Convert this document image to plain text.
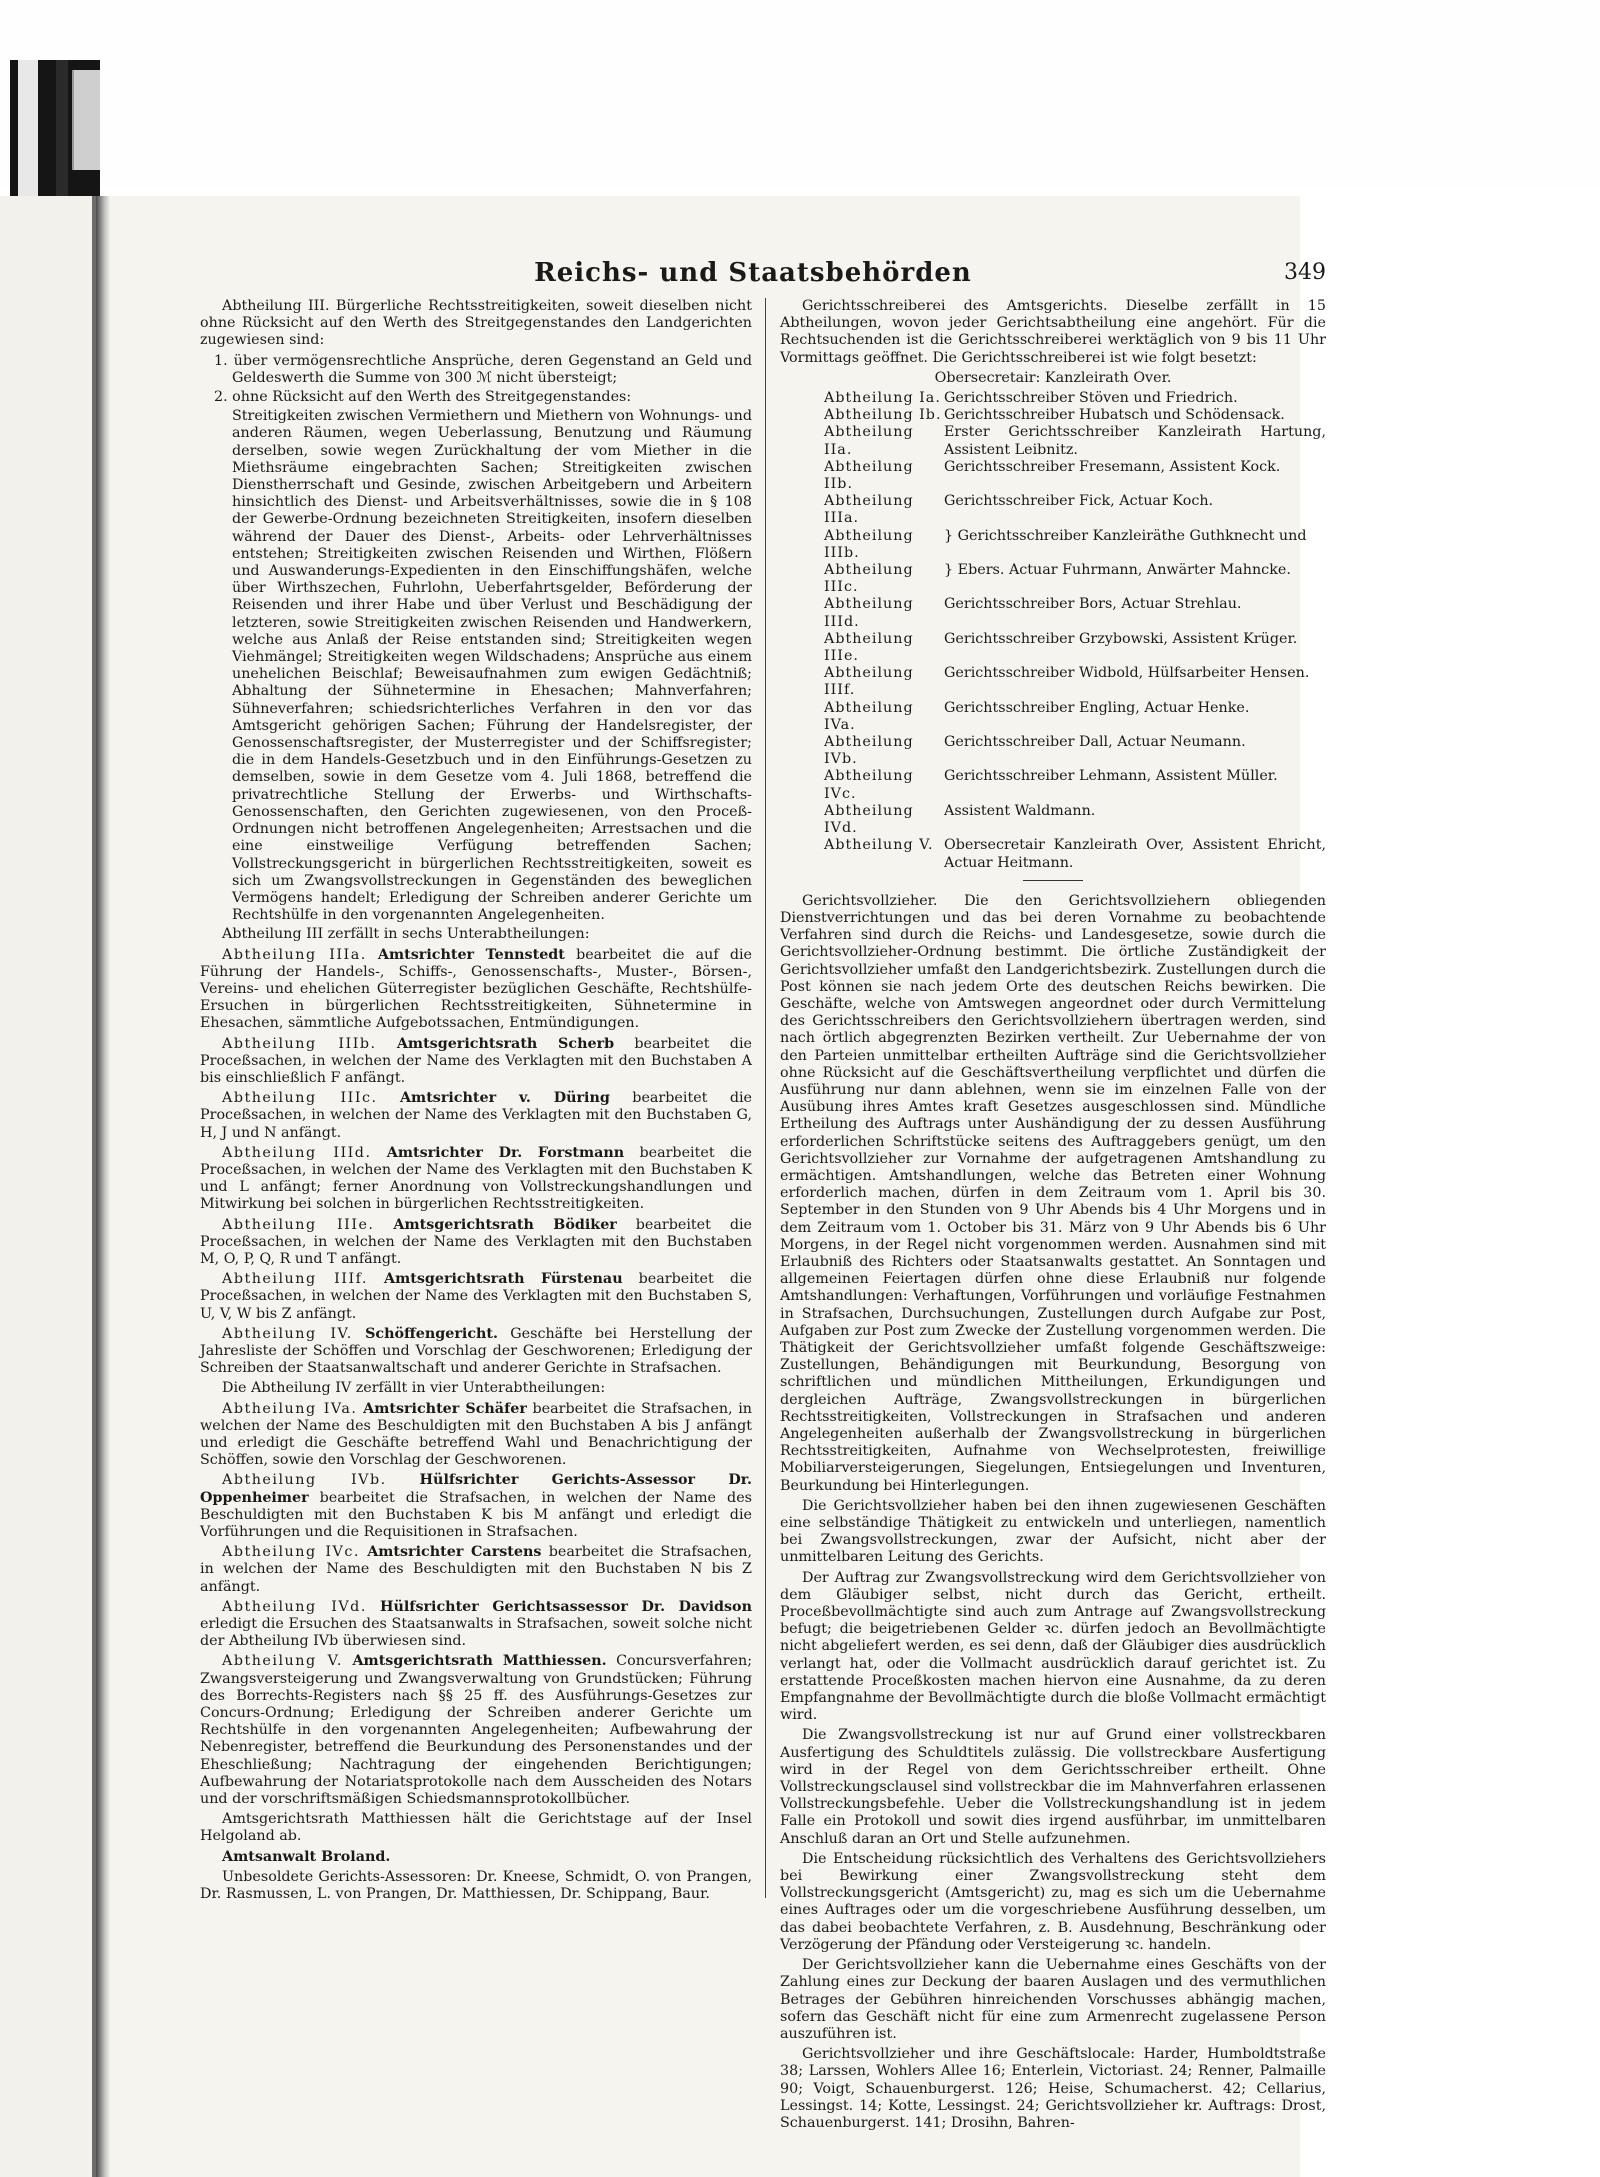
Reichs- und Staatsbehörden	349

Abtheilung III. Bürgerliche Rechtsstreitigkeiten, soweit dieselben nicht ohne Rücksicht auf den Werth des Streitgegenstandes den Landgerichten zugewiesen sind:

1. über vermögensrechtliche Ansprüche, deren Gegenstand an Geld und Geldeswerth die Summe von 300 ℳ nicht übersteigt;

2. ohne Rücksicht auf den Werth des Streitgegenstandes:

Streitigkeiten zwischen Vermiethern und Miethern von Wohnungs- und anderen Räumen, wegen Ueberlassung, Benutzung und Räumung derselben, sowie wegen Zurückhaltung der vom Miether in die Miethsräume eingebrachten Sachen; Streitigkeiten zwischen Dienstherrschaft und Gesinde, zwischen Arbeitgebern und Arbeitern hinsichtlich des Dienst- und Arbeitsverhältnisses, sowie die in § 108 der Gewerbe-Ordnung bezeichneten Streitigkeiten, insofern dieselben während der Dauer des Dienst-, Arbeits- oder Lehrverhältnisses entstehen; Streitigkeiten zwischen Reisenden und Wirthen, Flößern und Auswanderungs-Expedienten in den Einschiffungshäfen, welche über Wirthszechen, Fuhrlohn, Ueberfahrtsgelder, Beförderung der Reisenden und ihrer Habe und über Verlust und Beschädigung der letzteren, sowie Streitigkeiten zwischen Reisenden und Handwerkern, welche aus Anlaß der Reise entstanden sind; Streitigkeiten wegen Viehmängel; Streitigkeiten wegen Wildschadens; Ansprüche aus einem unehelichen Beischlaf; Beweisaufnahmen zum ewigen Gedächtniß; Abhaltung der Sühnetermine in Ehesachen; Mahnverfahren; Sühneverfahren; schiedsrichterliches Verfahren in den vor das Amtsgericht gehörigen Sachen; Führung der Handelsregister, der Genossenschaftsregister, der Musterregister und der Schiffsregister; die in dem Handels-Gesetzbuch und in den Einführungs-Gesetzen zu demselben, sowie in dem Gesetze vom 4. Juli 1868, betreffend die privatrechtliche Stellung der Erwerbs- und Wirthschafts-Genossenschaften, den Gerichten zugewiesenen, von den Proceß-Ordnungen nicht betroffenen Angelegenheiten; Arrestsachen und die eine einstweilige Verfügung betreffenden Sachen; Vollstreckungsgericht in bürgerlichen Rechtsstreitigkeiten, soweit es sich um Zwangsvollstreckungen in Gegenständen des beweglichen Vermögens handelt; Erledigung der Schreiben anderer Gerichte um Rechtshülfe in den vorgenannten Angelegenheiten.

Abtheilung III zerfällt in sechs Unterabtheilungen:

Abtheilung IIIa. Amtsrichter Tennstedt bearbeitet die auf die Führung der Handels-, Schiffs-, Genossenschafts-, Muster-, Börsen-, Vereins- und ehelichen Güterregister bezüglichen Geschäfte, Rechtshülfe-Ersuchen in bürgerlichen Rechtsstreitigkeiten, Sühnetermine in Ehesachen, sämmtliche Aufgebotssachen, Entmündigungen.

Abtheilung IIIb. Amtsgerichtsrath Scherb bearbeitet die Proceßsachen, in welchen der Name des Verklagten mit den Buchstaben A bis einschließlich F anfängt.

Abtheilung IIIc. Amtsrichter v. Düring bearbeitet die Proceßsachen, in welchen der Name des Verklagten mit den Buchstaben G, H, J und N anfängt.

Abtheilung IIId. Amtsrichter Dr. Forstmann bearbeitet die Proceßsachen, in welchen der Name des Verklagten mit den Buchstaben K und L anfängt; ferner Anordnung von Vollstreckungshandlungen und Mitwirkung bei solchen in bürgerlichen Rechtsstreitigkeiten.

Abtheilung IIIe. Amtsgerichtsrath Bödiker bearbeitet die Proceßsachen, in welchen der Name des Verklagten mit den Buchstaben M, O, P, Q, R und T anfängt.

Abtheilung IIIf. Amtsgerichtsrath Fürstenau bearbeitet die Proceßsachen, in welchen der Name des Verklagten mit den Buchstaben S, U, V, W bis Z anfängt.

Abtheilung IV. Schöffengericht. Geschäfte bei Herstellung der Jahresliste der Schöffen und Vorschlag der Geschworenen; Erledigung der Schreiben der Staatsanwaltschaft und anderer Gerichte in Strafsachen.

Die Abtheilung IV zerfällt in vier Unterabtheilungen:

Abtheilung IVa. Amtsrichter Schäfer bearbeitet die Strafsachen, in welchen der Name des Beschuldigten mit den Buchstaben A bis J anfängt und erledigt die Geschäfte betreffend Wahl und Benachrichtigung der Schöffen, sowie den Vorschlag der Geschworenen.

Abtheilung IVb. Hülfsrichter Gerichts-Assessor Dr. Oppenheimer bearbeitet die Strafsachen, in welchen der Name des Beschuldigten mit den Buchstaben K bis M anfängt und erledigt die Vorführungen und die Requisitionen in Strafsachen.

Abtheilung IVc. Amtsrichter Carstens bearbeitet die Strafsachen, in welchen der Name des Beschuldigten mit den Buchstaben N bis Z anfängt.

Abtheilung IVd. Hülfsrichter Gerichtsassessor Dr. Davidson erledigt die Ersuchen des Staatsanwalts in Strafsachen, soweit solche nicht der Abtheilung IVb überwiesen sind.

Abtheilung V. Amtsgerichtsrath Matthiessen. Concursverfahren; Zwangsversteigerung und Zwangsverwaltung von Grundstücken; Führung des Borrechts-Registers nach §§ 25 ff. des Ausführungs-Gesetzes zur Concurs-Ordnung; Erledigung der Schreiben anderer Gerichte um Rechtshülfe in den vorgenannten Angelegenheiten; Aufbewahrung der Nebenregister, betreffend die Beurkundung des Personenstandes und der Eheschließung; Nachtragung der eingehenden Berichtigungen; Aufbewahrung der Notariatsprotokolle nach dem Ausscheiden des Notars und der vorschriftsmäßigen Schiedsmannsprotokollbücher.

Amtsgerichtsrath Matthiessen hält die Gerichtstage auf der Insel Helgoland ab.

Amtsanwalt Broland.

Unbesoldete Gerichts-Assessoren: Dr. Kneese, Schmidt, O. von Prangen, Dr. Rasmussen, L. von Prangen, Dr. Matthiessen, Dr. Schippang, Baur.

Gerichtsschreiberei des Amtsgerichts. Dieselbe zerfällt in 15 Abtheilungen, wovon jeder Gerichtsabtheilung eine angehört. Für die Rechtsuchenden ist die Gerichtsschreiberei werktäglich von 9 bis 11 Uhr Vormittags geöffnet. Die Gerichtsschreiberei ist wie folgt besetzt:

Obersecretair: Kanzleirath Over.

Abtheilung Ia. Gerichtsschreiber Stöven und Friedrich.
Abtheilung Ib. Gerichtsschreiber Hubatsch und Schödensack.
Abtheilung IIa.
Erster Gerichtsschreiber Kanzleirath Hartung, Assistent Leibnitz.
Abtheilung IIb.
Gerichtsschreiber Fresemann, Assistent Kock.
Abtheilung IIIa.
Gerichtsschreiber Fick, Actuar Koch.
Abtheilung IIIb.
} Gerichtsschreiber Kanzleiräthe Guthknecht und
Abtheilung IIIc.
} Ebers. Actuar Fuhrmann, Anwärter Mahncke.
Abtheilung IIId.
Gerichtsschreiber Bors, Actuar Strehlau.
Abtheilung IIIe.
Gerichtsschreiber Grzybowski, Assistent Krüger.
Abtheilung IIIf.
Gerichtsschreiber Widbold, Hülfsarbeiter Hensen.
Abtheilung IVa.
Gerichtsschreiber Engling, Actuar Henke.
Abtheilung IVb.
Gerichtsschreiber Dall, Actuar Neumann.
Abtheilung IVc.
Gerichtsschreiber Lehmann, Assistent Müller.
Abtheilung IVd.
Assistent Waldmann.
Abtheilung V. Obersecretair Kanzleirath Over, Assistent Ehricht, Actuar Heitmann.

Gerichtsvollzieher. Die den Gerichtsvollziehern obliegenden Dienstverrichtungen und das bei deren Vornahme zu beobachtende Verfahren sind durch die Reichs- und Landesgesetze, sowie durch die Gerichtsvollzieher-Ordnung bestimmt. Die örtliche Zuständigkeit der Gerichtsvollzieher umfaßt den Landgerichtsbezirk. Zustellungen durch die Post können sie nach jedem Orte des deutschen Reichs bewirken. Die Geschäfte, welche von Amtswegen angeordnet oder durch Vermittelung des Gerichtsschreibers den Gerichtsvollziehern übertragen werden, sind nach örtlich abgegrenzten Bezirken vertheilt. Zur Uebernahme der von den Parteien unmittelbar ertheilten Aufträge sind die Gerichtsvollzieher ohne Rücksicht auf die Geschäftsvertheilung verpflichtet und dürfen die Ausführung nur dann ablehnen, wenn sie im einzelnen Falle von der Ausübung ihres Amtes kraft Gesetzes ausgeschlossen sind. Mündliche Ertheilung des Auftrags unter Aushändigung der zu dessen Ausführung erforderlichen Schriftstücke seitens des Auftraggebers genügt, um den Gerichtsvollzieher zur Vornahme der aufgetragenen Amtshandlung zu ermächtigen. Amtshandlungen, welche das Betreten einer Wohnung erforderlich machen, dürfen in dem Zeitraum vom 1. April bis 30. September in den Stunden von 9 Uhr Abends bis 4 Uhr Morgens und in dem Zeitraum vom 1. October bis 31. März von 9 Uhr Abends bis 6 Uhr Morgens, in der Regel nicht vorgenommen werden. Ausnahmen sind mit Erlaubniß des Richters oder Staatsanwalts gestattet. An Sonntagen und allgemeinen Feiertagen dürfen ohne diese Erlaubniß nur folgende Amtshandlungen: Verhaftungen, Vorführungen und vorläufige Festnahmen in Strafsachen, Durchsuchungen, Zustellungen durch Aufgabe zur Post, Aufgaben zur Post zum Zwecke der Zustellung vorgenommen werden. Die Thätigkeit der Gerichtsvollzieher umfaßt folgende Geschäftszweige: Zustellungen, Behändigungen mit Beurkundung, Besorgung von schriftlichen und mündlichen Mittheilungen, Erkundigungen und dergleichen Aufträge, Zwangsvollstreckungen in bürgerlichen Rechtsstreitigkeiten, Vollstreckungen in Strafsachen und anderen Angelegenheiten außerhalb der Zwangsvollstreckung in bürgerlichen Rechtsstreitigkeiten, Aufnahme von Wechselprotesten, freiwillige Mobiliarversteigerungen, Siegelungen, Entsiegelungen und Inventuren, Beurkundung bei Hinterlegungen.

Die Gerichtsvollzieher haben bei den ihnen zugewiesenen Geschäften eine selbständige Thätigkeit zu entwickeln und unterliegen, namentlich bei Zwangsvollstreckungen, zwar der Aufsicht, nicht aber der unmittelbaren Leitung des Gerichts.

Der Auftrag zur Zwangsvollstreckung wird dem Gerichtsvollzieher von dem Gläubiger selbst, nicht durch das Gericht, ertheilt. Proceßbevollmächtigte sind auch zum Antrage auf Zwangsvollstreckung befugt; die beigetriebenen Gelder ꝛc. dürfen jedoch an Bevollmächtigte nicht abgeliefert werden, es sei denn, daß der Gläubiger dies ausdrücklich verlangt hat, oder die Vollmacht ausdrücklich darauf gerichtet ist. Zu erstattende Proceßkosten machen hiervon eine Ausnahme, da zu deren Empfangnahme der Bevollmächtigte durch die bloße Vollmacht ermächtigt wird.

Die Zwangsvollstreckung ist nur auf Grund einer vollstreckbaren Ausfertigung des Schuldtitels zulässig. Die vollstreckbare Ausfertigung wird in der Regel von dem Gerichtsschreiber ertheilt. Ohne Vollstreckungsclausel sind vollstreckbar die im Mahnverfahren erlassenen Vollstreckungsbefehle. Ueber die Vollstreckungshandlung ist in jedem Falle ein Protokoll und sowit dies irgend ausführbar, im unmittelbaren Anschluß daran an Ort und Stelle aufzunehmen.

Die Entscheidung rücksichtlich des Verhaltens des Gerichtsvollziehers bei Bewirkung einer Zwangsvollstreckung steht dem Vollstreckungsgericht (Amtsgericht) zu, mag es sich um die Uebernahme eines Auftrages oder um die vorgeschriebene Ausführung desselben, um das dabei beobachtete Verfahren, z. B. Ausdehnung, Beschränkung oder Verzögerung der Pfändung oder Versteigerung ꝛc. handeln.

Der Gerichtsvollzieher kann die Uebernahme eines Geschäfts von der Zahlung eines zur Deckung der baaren Auslagen und des vermuthlichen Betrages der Gebühren hinreichenden Vorschusses abhängig machen, sofern das Geschäft nicht für eine zum Armenrecht zugelassene Person auszuführen ist.

Gerichtsvollzieher und ihre Geschäftslocale: Harder, Humboldtstraße 38; Larssen, Wohlers Allee 16; Enterlein, Victoriast. 24; Renner, Palmaille 90; Voigt, Schauenburgerst. 126; Heise, Schumacherst. 42; Cellarius, Lessingst. 14; Kotte, Lessingst. 24; Gerichtsvollzieher kr. Auftrags: Drost, Schauenburgerst. 141; Drosihn, Bahren-
